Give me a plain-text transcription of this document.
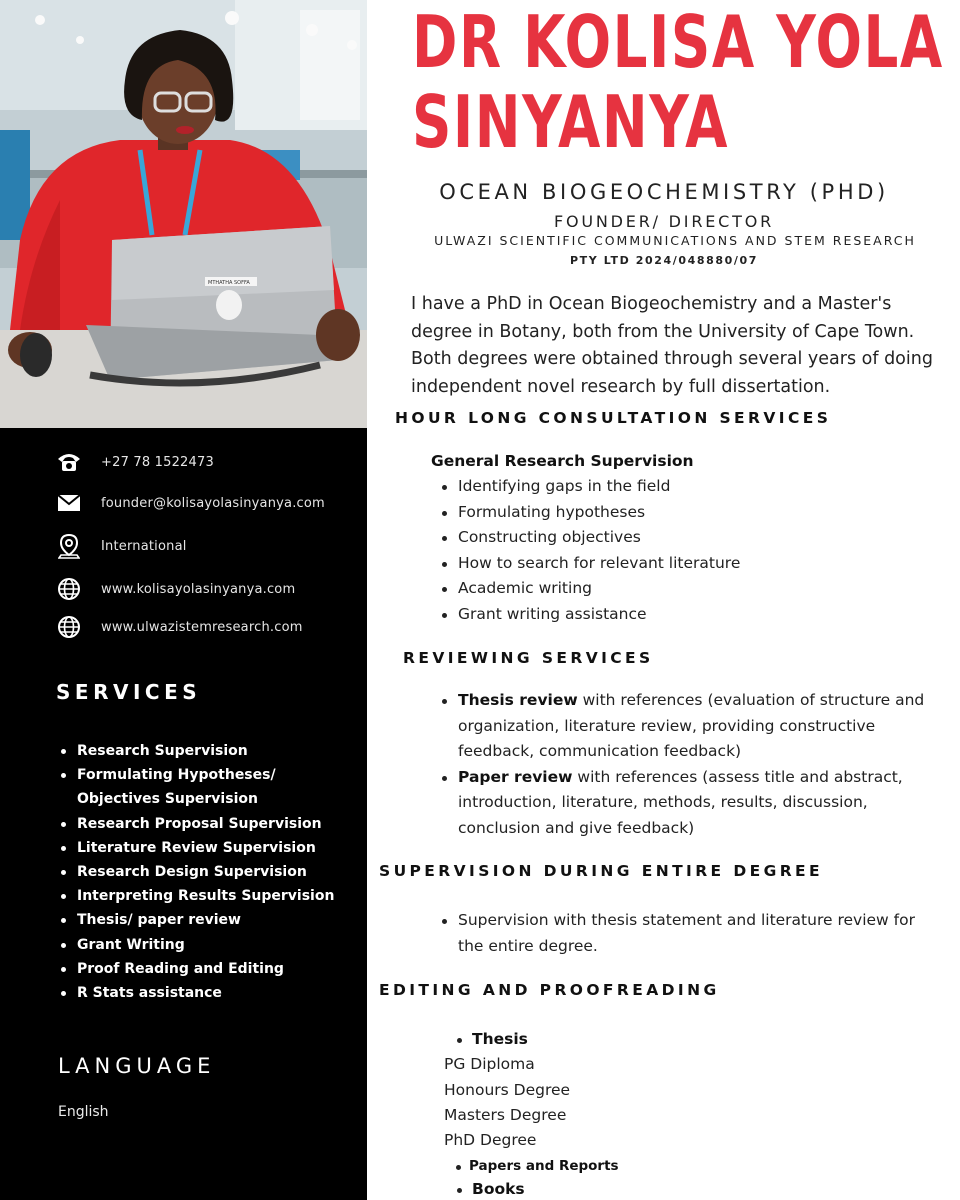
MTHATHA SOFFA
+27 78 1522473
founder@kolisayolasinyanya.com
International
www.kolisayolasinyanya.com
www.ulwazistemresearch.com
SERVICES
Research Supervision
Formulating Hypotheses/ Objectives Supervision
Research Proposal Supervision
Literature Review Supervision
Research Design Supervision
Interpreting Results Supervision
Thesis/ paper review
Grant Writing
Proof Reading and Editing
R Stats assistance
LANGUAGE
English
DR KOLISA YOLA
SINYANYA
OCEAN BIOGEOCHEMISTRY (PHD)
FOUNDER/ DIRECTOR
ULWAZI SCIENTIFIC COMMUNICATIONS AND STEM RESEARCH
PTY LTD 2024/048880/07

I have a PhD in Ocean Biogeochemistry and a Master's degree in Botany, both from the University of Cape Town. Both degrees were obtained through several years of doing independent novel research by full dissertation.

HOUR LONG CONSULTATION SERVICES
General Research Supervision
Identifying gaps in the field
Formulating hypotheses
Constructing objectives
How to search for relevant literature
Academic writing
Grant writing assistance
REVIEWING SERVICES
Thesis review with references (evaluation of structure and organization, literature review, providing constructive feedback, communication feedback)
Paper review with references (assess title and abstract, introduction, literature, methods, results, discussion, conclusion and give feedback)
SUPERVISION DURING ENTIRE DEGREE
Supervision with thesis statement and literature review for the entire degree.
EDITING AND PROOFREADING
Thesis
PG Diploma
Honours Degree
Masters Degree
PhD Degree
Papers and Reports
Books
